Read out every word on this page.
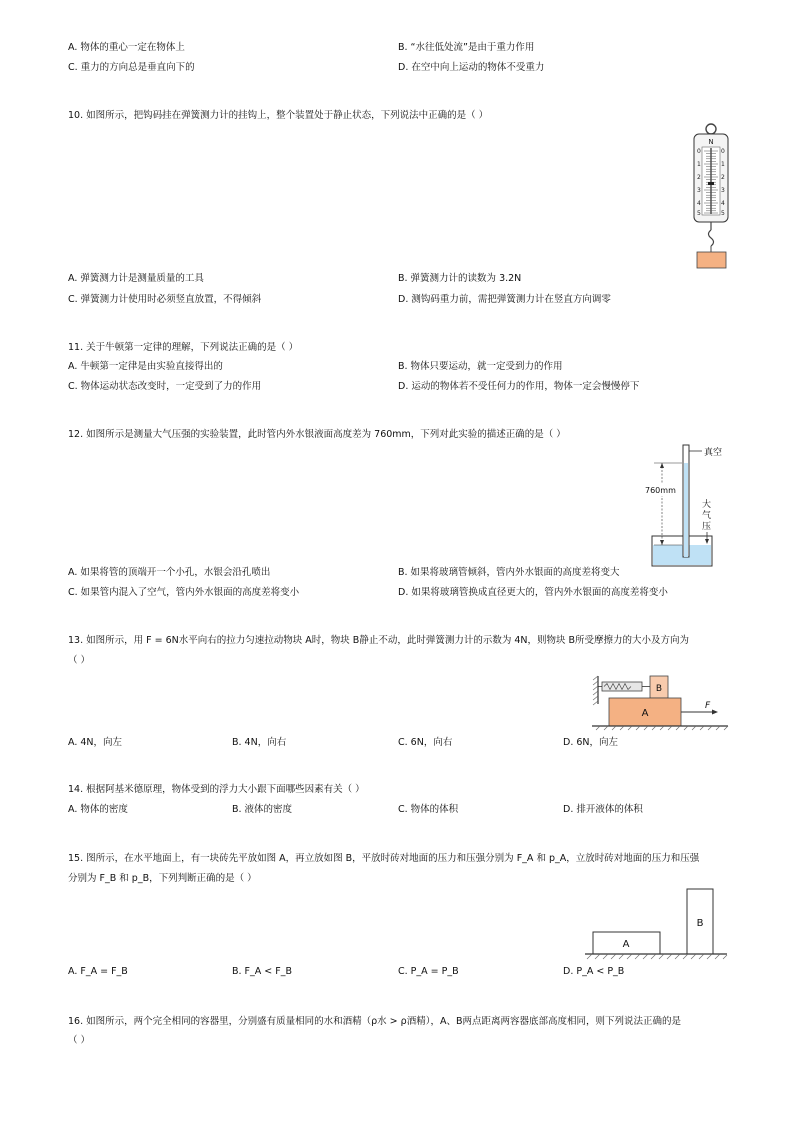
A. 物体的重心一定在物体上	B. “水往低处流”是由于重力作用
C. 重力的方向总是垂直向下的	D. 在空中向上运动的物体不受重力
10. 如图所示，把钩码挂在弹簧测力计的挂钩上，整个装置处于静止状态，下列说法中正确的是（ ）
N
0
1
2
3
4
5
0
1
2
3
4
5
A. 弹簧测力计是测量质量的工具	B. 弹簧测力计的读数为 3.2N
C. 弹簧测力计使用时必须竖直放置，不得倾斜	D. 测钩码重力前，需把弹簧测力计在竖直方向调零
11. 关于牛顿第一定律的理解，下列说法正确的是（ ）
A. 牛顿第一定律是由实验直接得出的	B. 物体只要运动，就一定受到力的作用
C. 物体运动状态改变时，一定受到了力的作用	D. 运动的物体若不受任何力的作用，物体一定会慢慢停下
12. 如图所示是测量大气压强的实验装置，此时管内外水银液面高度差为 760mm，下列对此实验的描述正确的是（ ）
真空
760mm
大
气
压
A. 如果将管的顶端开一个小孔，水银会沿孔喷出	B. 如果将玻璃管倾斜，管内外水银面的高度差将变大
C. 如果管内混入了空气，管内外水银面的高度差将变小	D. 如果将玻璃管换成直径更大的，管内外水银面的高度差将变小
13. 如图所示，用 F = 6N水平向右的拉力匀速拉动物块 A时，物块 B静止不动，此时弹簧测力计的示数为 4N，则物块 B所受摩擦力的大小及方向为
（ ）
B
A
F
A. 4N，向左	B. 4N，向右	C. 6N，向右	D. 6N，向左
14. 根据阿基米德原理，物体受到的浮力大小跟下面哪些因素有关（ ）
A. 物体的密度	B. 液体的密度	C. 物体的体积	D. 排开液体的体积
15. 图所示，在水平地面上，有一块砖先平放如图 A，再立放如图 B，平放时砖对地面的压力和压强分别为 F_A 和 p_A，立放时砖对地面的压力和压强
分别为 F_B 和 p_B，下列判断正确的是（ ）
A
B
A. F_A = F_B	B. F_A < F_B	C. P_A = P_B	D. P_A < P_B
16. 如图所示，两个完全相同的容器里，分别盛有质量相同的水和酒精（ρ水 > ρ酒精），A、B两点距离两容器底部高度相同，则下列说法正确的是
（ ）
